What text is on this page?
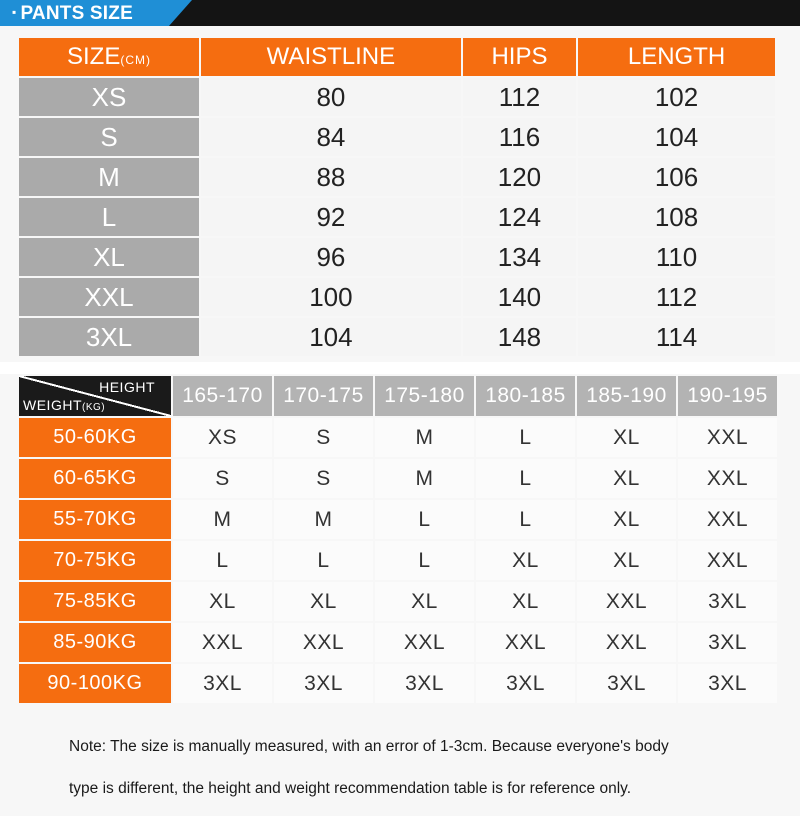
▪ PANTS SIZE
SIZE(CM)	WAISTLINE	HIPS	LENGTH
XS	80	112	102
S	84	116	104
M	88	120	106
L	92	124	108
XL	96	134	110
XXL	100	140	112
3XL	104	148	114
HEIGHT
WEIGHT(KG)	165-170	170-175	175-180	180-185	185-190	190-195
50-60KG	XS	S	M	L	XL	XXL
60-65KG	S	S	M	L	XL	XXL
55-70KG	M	M	L	L	XL	XXL
70-75KG	L	L	L	XL	XL	XXL
75-85KG	XL	XL	XL	XL	XXL	3XL
85-90KG	XXL	XXL	XXL	XXL	XXL	3XL
90-100KG	3XL	3XL	3XL	3XL	3XL	3XL

Note: The size is manually measured, with an error of 1-3cm. Because everyone's body

type is different, the height and weight recommendation table is for reference only.
